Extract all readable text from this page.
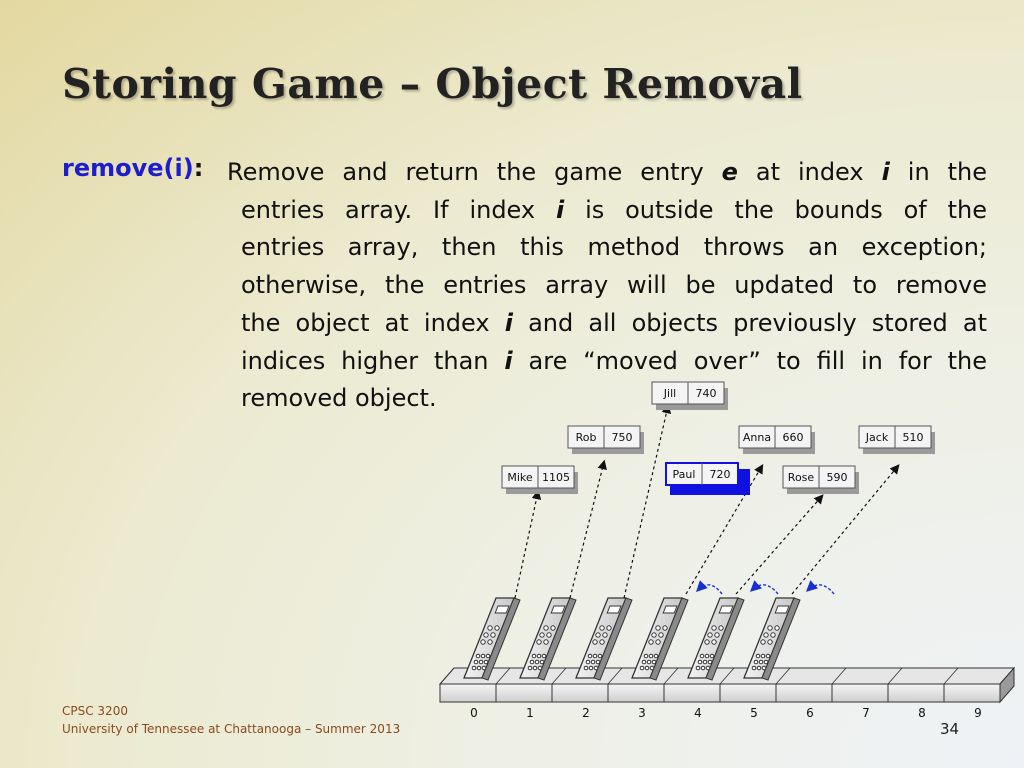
Storing Game – Object Removal
remove(i): Remove and return the game entry e at index i in the
entries array. If index i is outside the bounds of the
entries array, then this method throws an exception;
otherwise, the entries array will be updated to remove
the object at index i and all objects previously stored at
indices higher than i are “moved over” to fill in for the
removed object.
Mike 1105
Rob 750
Jill 740
Paul 720
Anna 660
Rose 590
Jack 510
0	1	2	3	4	5	6	7	8	9
CPSC 3200
University of Tennessee at Chattanooga – Summer 2013	34
